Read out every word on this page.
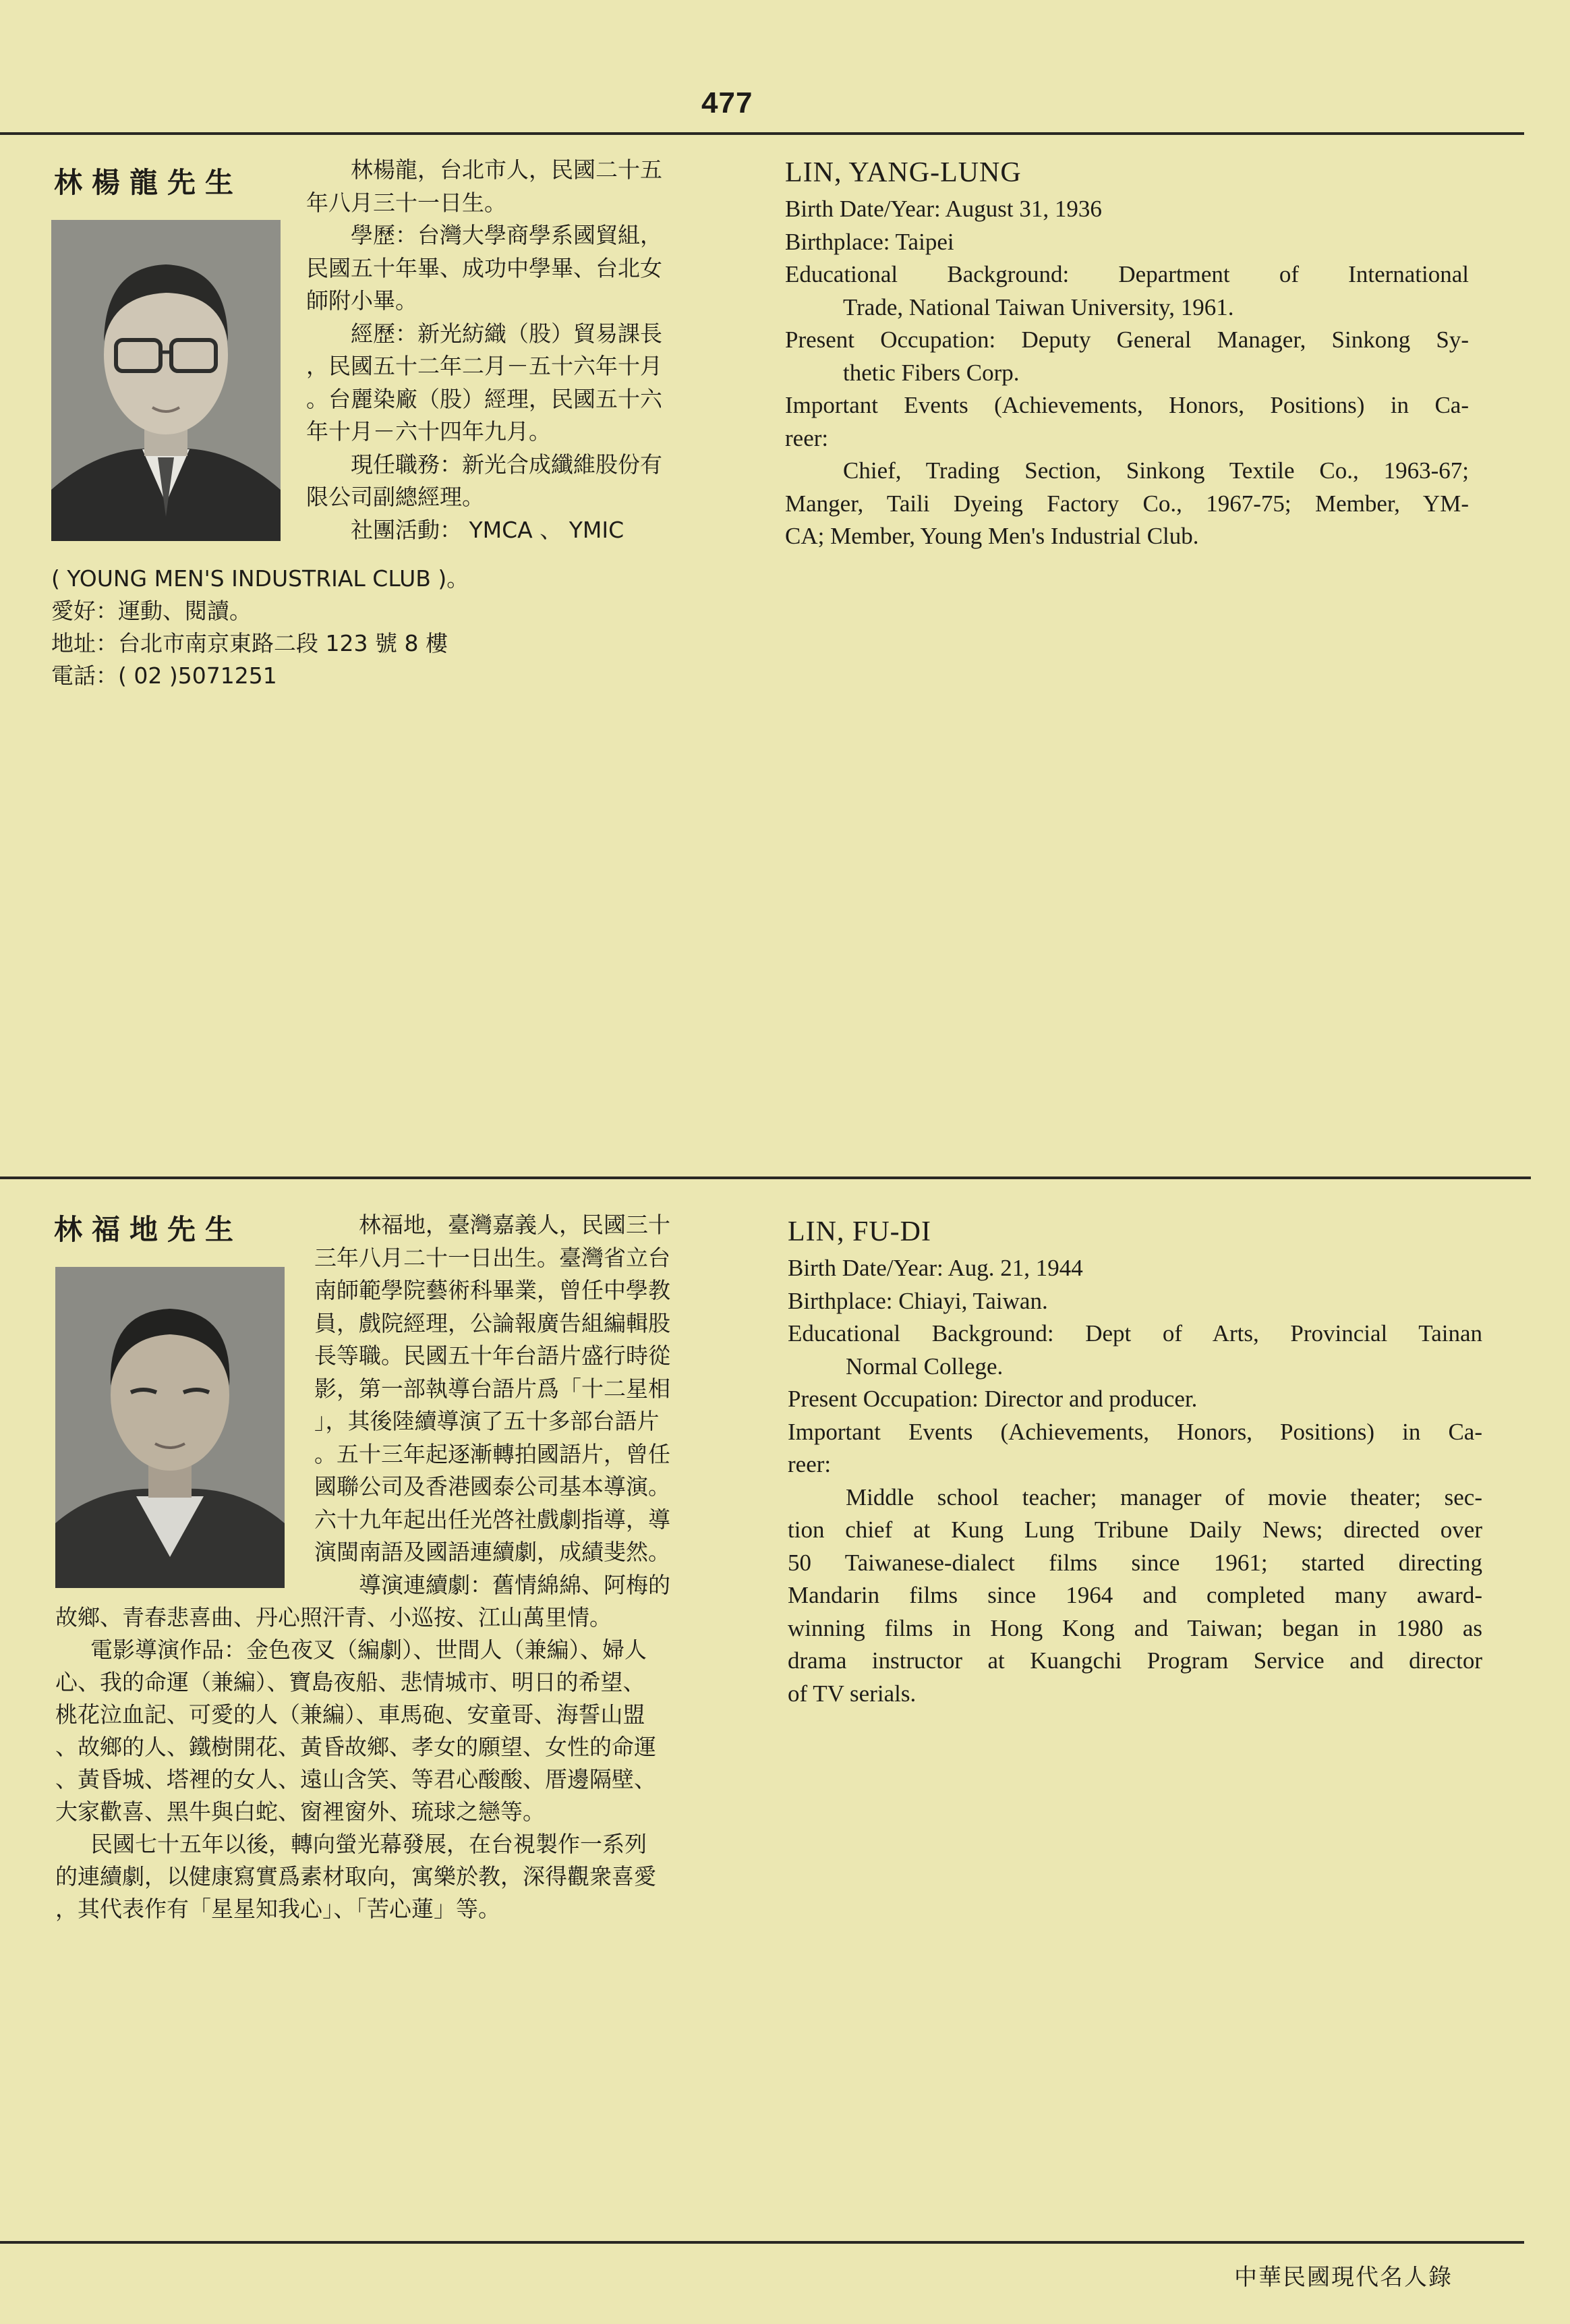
477
林楊龍先生	林楊龍，台北市人，民國二十五

年八月三十一日生。

學歷：台灣大學商學系國貿組，

民國五十年畢、成功中學畢、台北女

師附小畢。

經歷：新光紡織（股）貿易課長

，民國五十二年二月－五十六年十月

。台麗染廠（股）經理，民國五十六

年十月－六十四年九月。

現任職務：新光合成纖維股份有

限公司副總經理。

社團活動： YMCA 、 YMIC

( YOUNG MEN'S INDUSTRIAL CLUB )。
愛好：運動、閱讀。
地址：台北市南京東路二段 123 號 8 樓
電話：( 02 )5071251
LIN, YANG-LUNG

Birth Date/Year: August 31, 1936

Birthplace: Taipei

Educational Background: Department of International

Trade, National Taiwan University, 1961.

Present Occupation: Deputy General Manager, Sinkong Sy-

thetic Fibers Corp.

Important Events (Achievements, Honors, Positions) in Ca-

reer:

Chief, Trading Section, Sinkong Textile Co., 1963-67;

Manger, Taili Dyeing Factory Co., 1967-75; Member, YM-

CA; Member, Young Men's Industrial Club.

林福地先生	林福地，臺灣嘉義人，民國三十

三年八月二十一日出生。臺灣省立台

南師範學院藝術科畢業，曾任中學教

員，戲院經理，公論報廣告組編輯股

長等職。民國五十年台語片盛行時從

影，第一部執導台語片爲「十二星相

」，其後陸續導演了五十多部台語片

。五十三年起逐漸轉拍國語片，曾任

國聯公司及香港國泰公司基本導演。

六十九年起出任光啓社戲劇指導，導

演閩南語及國語連續劇，成績斐然。

導演連續劇：舊情綿綿、阿梅的

故鄉、青春悲喜曲、丹心照汗青、小巡按、江山萬里情。
電影導演作品：金色夜叉（編劇）、世間人（兼編）、婦人
心、我的命運（兼編）、寶島夜船、悲情城市、明日的希望、
桃花泣血記、可愛的人（兼編）、車馬砲、安童哥、海誓山盟
、故鄉的人、鐵樹開花、黃昏故鄉、孝女的願望、女性的命運
、黃昏城、塔裡的女人、遠山含笑、等君心酸酸、厝邊隔壁、
大家歡喜、黑牛與白蛇、窗裡窗外、琉球之戀等。
民國七十五年以後，轉向螢光幕發展，在台視製作一系列
的連續劇，以健康寫實爲素材取向，寓樂於教，深得觀衆喜愛
，其代表作有「星星知我心」、「苦心蓮」等。
LIN, FU-DI

Birth Date/Year: Aug. 21, 1944

Birthplace: Chiayi, Taiwan.

Educational Background: Dept of Arts, Provincial Tainan

Normal College.

Present Occupation: Director and producer.

Important Events (Achievements, Honors, Positions) in Ca-

reer:

Middle school teacher; manager of movie theater; sec-

tion chief at Kung Lung Tribune Daily News; directed over

50 Taiwanese-dialect films since 1961; started directing

Mandarin films since 1964 and completed many award-

winning films in Hong Kong and Taiwan; began in 1980 as

drama instructor at Kuangchi Program Service and director

of TV serials.

中華民國現代名人錄
